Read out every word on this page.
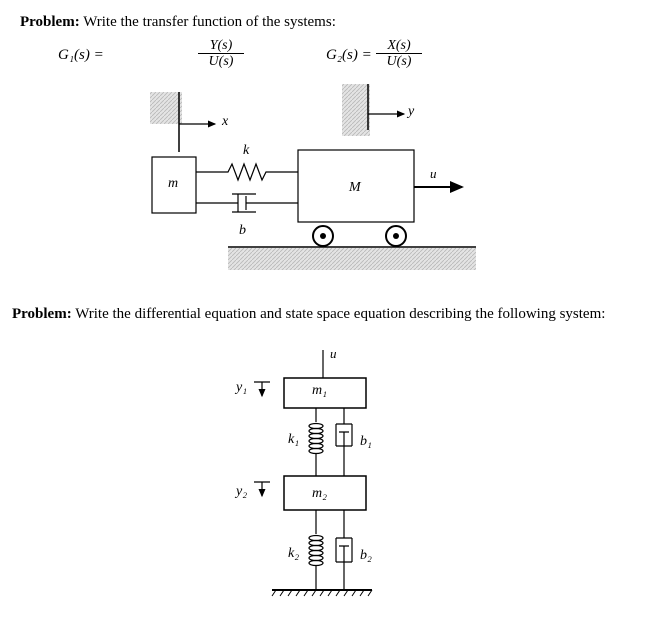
Problem: Write the transfer function of the systems:
G₁(s) =	$\frac{Y(s)}{U(s)}$	$G_2(s) = \frac{X(s)}{U(s)}$
x
y
k
b
m	M
u
Problem: Write the differential equation and state space equation describing the following system:
u
y₁	m₁
k₁	b₁
y₂	m₂
k₂	b₂
